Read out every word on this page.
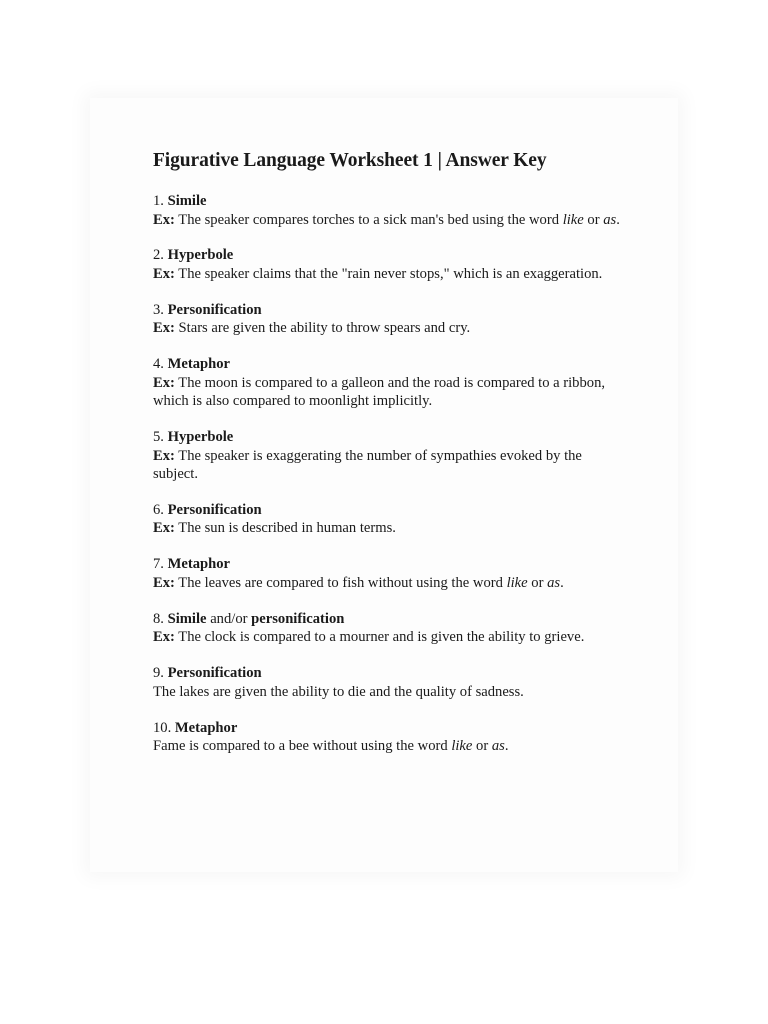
Figurative Language Worksheet 1 | Answer Key
1. Simile
Ex: The speaker compares torches to a sick man's bed using the word like or as.
2. Hyperbole
Ex: The speaker claims that the "rain never stops," which is an exaggeration.
3. Personification
Ex: Stars are given the ability to throw spears and cry.
4. Metaphor
Ex: The moon is compared to a galleon and the road is compared to a ribbon, which is also compared to moonlight implicitly.
5. Hyperbole
Ex: The speaker is exaggerating the number of sympathies evoked by the subject.
6. Personification
Ex: The sun is described in human terms.
7. Metaphor
Ex: The leaves are compared to fish without using the word like or as.
8. Simile and/or personification
Ex: The clock is compared to a mourner and is given the ability to grieve.
9. Personification
The lakes are given the ability to die and the quality of sadness.
10. Metaphor
Fame is compared to a bee without using the word like or as.
